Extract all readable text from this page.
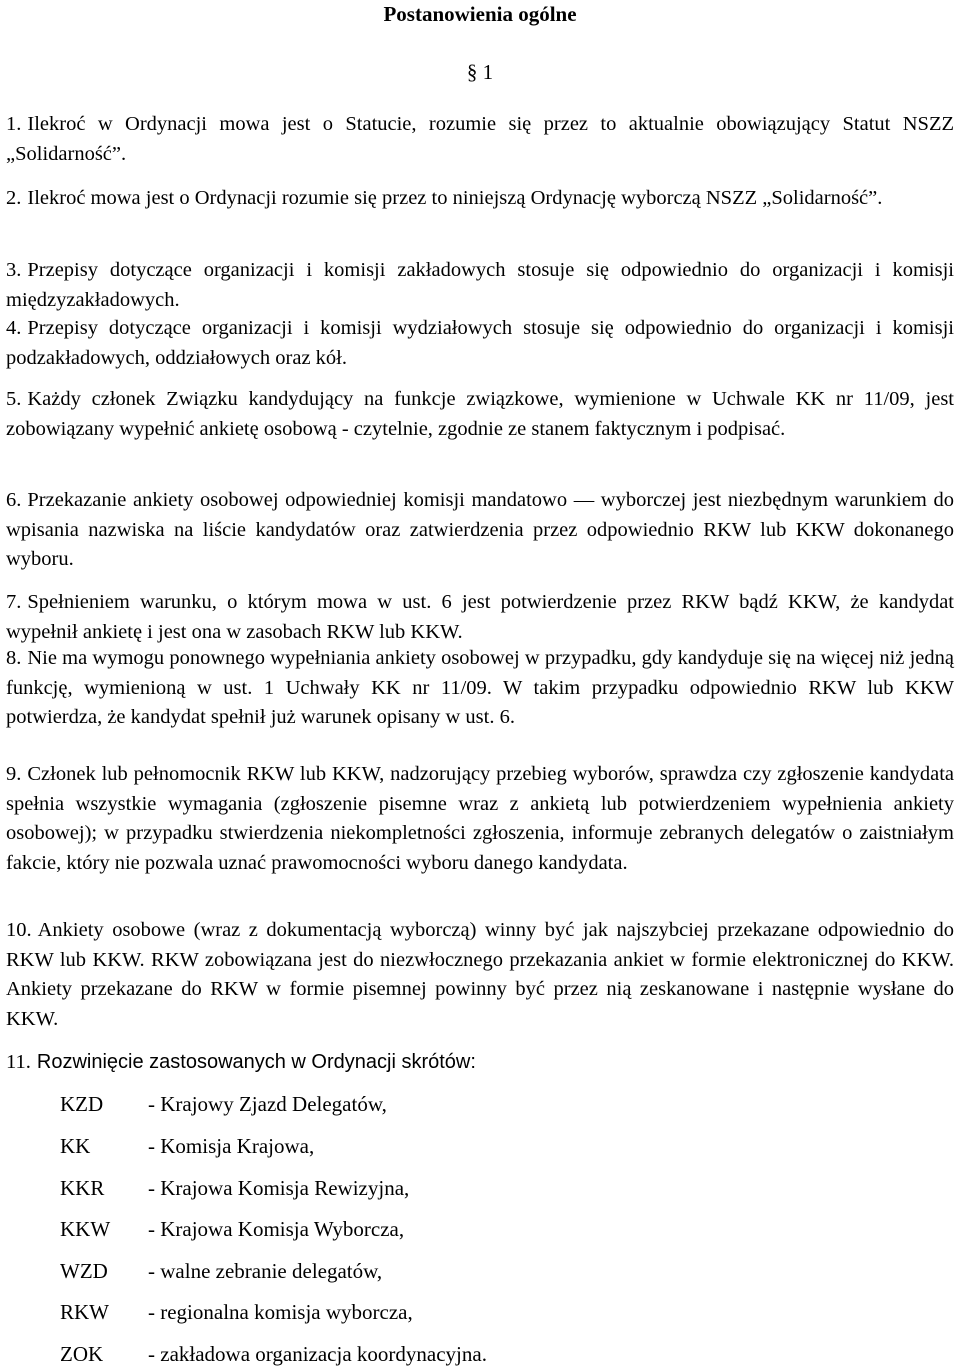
Postanowienia ogólne
§ 1

1. Ilekroć w Ordynacji mowa jest o Statucie, rozumie się przez to aktualnie obowiązujący Statut NSZZ „Solidarność”.

2. Ilekroć mowa jest o Ordynacji rozumie się przez to niniejszą Ordynację wyborczą NSZZ „Solidarność”.

3. Przepisy dotyczące organizacji i komisji zakładowych stosuje się odpowiednio do organizacji i komisji międzyzakładowych.

4. Przepisy dotyczące organizacji i komisji wydziałowych stosuje się odpowiednio do organizacji i komisji podzakładowych, oddziałowych oraz kół.

5. Każdy członek Związku kandydujący na funkcje związkowe, wymienione w Uchwale KK nr 11/09, jest zobowiązany wypełnić ankietę osobową - czytelnie, zgodnie ze stanem faktycznym i podpisać.

6. Przekazanie ankiety osobowej odpowiedniej komisji mandatowo — wyborczej jest niezbędnym warunkiem do wpisania nazwiska na liście kandydatów oraz zatwierdzenia przez odpowiednio RKW lub KKW dokonanego wyboru.

7. Spełnieniem warunku, o którym mowa w ust. 6 jest potwierdzenie przez RKW bądź KKW, że kandydat wypełnił ankietę i jest ona w zasobach RKW lub KKW.

8. Nie ma wymogu ponownego wypełniania ankiety osobowej w przypadku, gdy kandyduje się na więcej niż jedną funkcję, wymienioną w ust. 1 Uchwały KK nr 11/09. W takim przypadku odpowiednio RKW lub KKW potwierdza, że kandydat spełnił już warunek opisany w ust. 6.

9. Członek lub pełnomocnik RKW lub KKW, nadzorujący przebieg wyborów, sprawdza czy zgłoszenie kandydata spełnia wszystkie wymagania (zgłoszenie pisemne wraz z ankietą lub potwierdzeniem wypełnienia ankiety osobowej); w przypadku stwierdzenia niekompletności zgłoszenia, informuje zebranych delegatów o zaistniałym fakcie, który nie pozwala uznać prawomocności wyboru danego kandydata.

10. Ankiety osobowe (wraz z dokumentacją wyborczą) winny być jak najszybciej przekazane odpowiednio do RKW lub KKW. RKW zobowiązana jest do niezwłocznego przekazania ankiet w formie elektronicznej do KKW. Ankiety przekazane do RKW w formie pisemnej powinny być przez nią zeskanowane i następnie wysłane do KKW.

11. Rozwinięcie zastosowanych w Ordynacji skrótów:

KZD - Krajowy Zjazd Delegatów,
KK	- Komisja Krajowa,
KKR - Krajowa Komisja Rewizyjna,
KKW - Krajowa Komisja Wyborcza,
WZD - walne zebranie delegatów,
RKW - regionalna komisja wyborcza,
ZOK - zakładowa organizacja koordynacyjna.
